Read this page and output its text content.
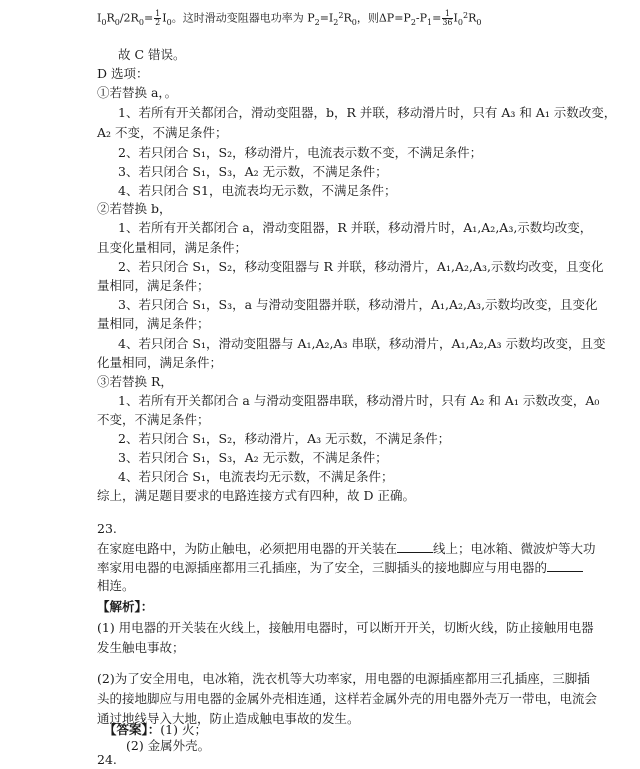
$I_0R_0/2R_0= \frac{1}{2} I_0$。这时滑动变阻器电功率为 $P_2=I_2^2R_0$，则$\Delta P=P_2-P_1= \frac{1}{36} I_0^2R_0$
故 C 错误。
D 选项：
①若替换 a，。
1、若所有开关都闭合，滑动变阻器，b，R 并联，移动滑片时，只有 A₃ 和 A₁ 示数改变，
A₂ 不变，不满足条件；
2、若只闭合 S₁，S₂，移动滑片，电流表示数不变，不满足条件；
3、若只闭合 S₁，S₃，A₂ 无示数，不满足条件；
4、若只闭合 S1，电流表均无示数，不满足条件；
②若替换 b，
1、若所有开关都闭合 a，滑动变阻器，R 并联，移动滑片时，A₁,A₂,A₃,示数均改变，
且变化量相同，满足条件；
2、若只闭合 S₁，S₂，移动变阻器与 R 并联，移动滑片，A₁,A₂,A₃,示数均改变，且变化
量相同，满足条件；
3、若只闭合 S₁，S₃，a 与滑动变阻器并联，移动滑片，A₁,A₂,A₃,示数均改变，且变化
量相同，满足条件；
4、若只闭合 S₁，滑动变阻器与 A₁,A₂,A₃ 串联，移动滑片，A₁,A₂,A₃ 示数均改变，且变
化量相同，满足条件；
③若替换 R，
1、若所有开关都闭合 a 与滑动变阻器串联，移动滑片时，只有 A₂ 和 A₁ 示数改变，A₀
不变，不满足条件；
2、若只闭合 S₁，S₂，移动滑片，A₃ 无示数，不满足条件；
3、若只闭合 S₁，S₃，A₂ 无示数，不满足条件；
4、若只闭合 S₁，电流表均无示数，不满足条件；
综上，满足题目要求的电路连接方式有四种，故 D 正确。
23.
在家庭电路中，为防止触电，必须把用电器的开关装在	线上；电冰箱、微波炉等大功
率家用电器的电源插座都用三孔插座，为了安全，三脚插头的接地脚应与用电器的
相连。
【解析】：
(1) 用电器的开关装在火线上，接触用电器时，可以断开开关，切断火线，防止接触用电器
发生触电事故；
(2)为了安全用电，电冰箱，洗衣机等大功率家，用电器的电源插座都用三孔插座，三脚插
头的接地脚应与用电器的金属外壳相连通，这样若金属外壳的用电器外壳万一带电，电流会
通过地线导入大地，防止造成触电事故的发生。
【答案】：(1) 火；
(2) 金属外壳。
24.
